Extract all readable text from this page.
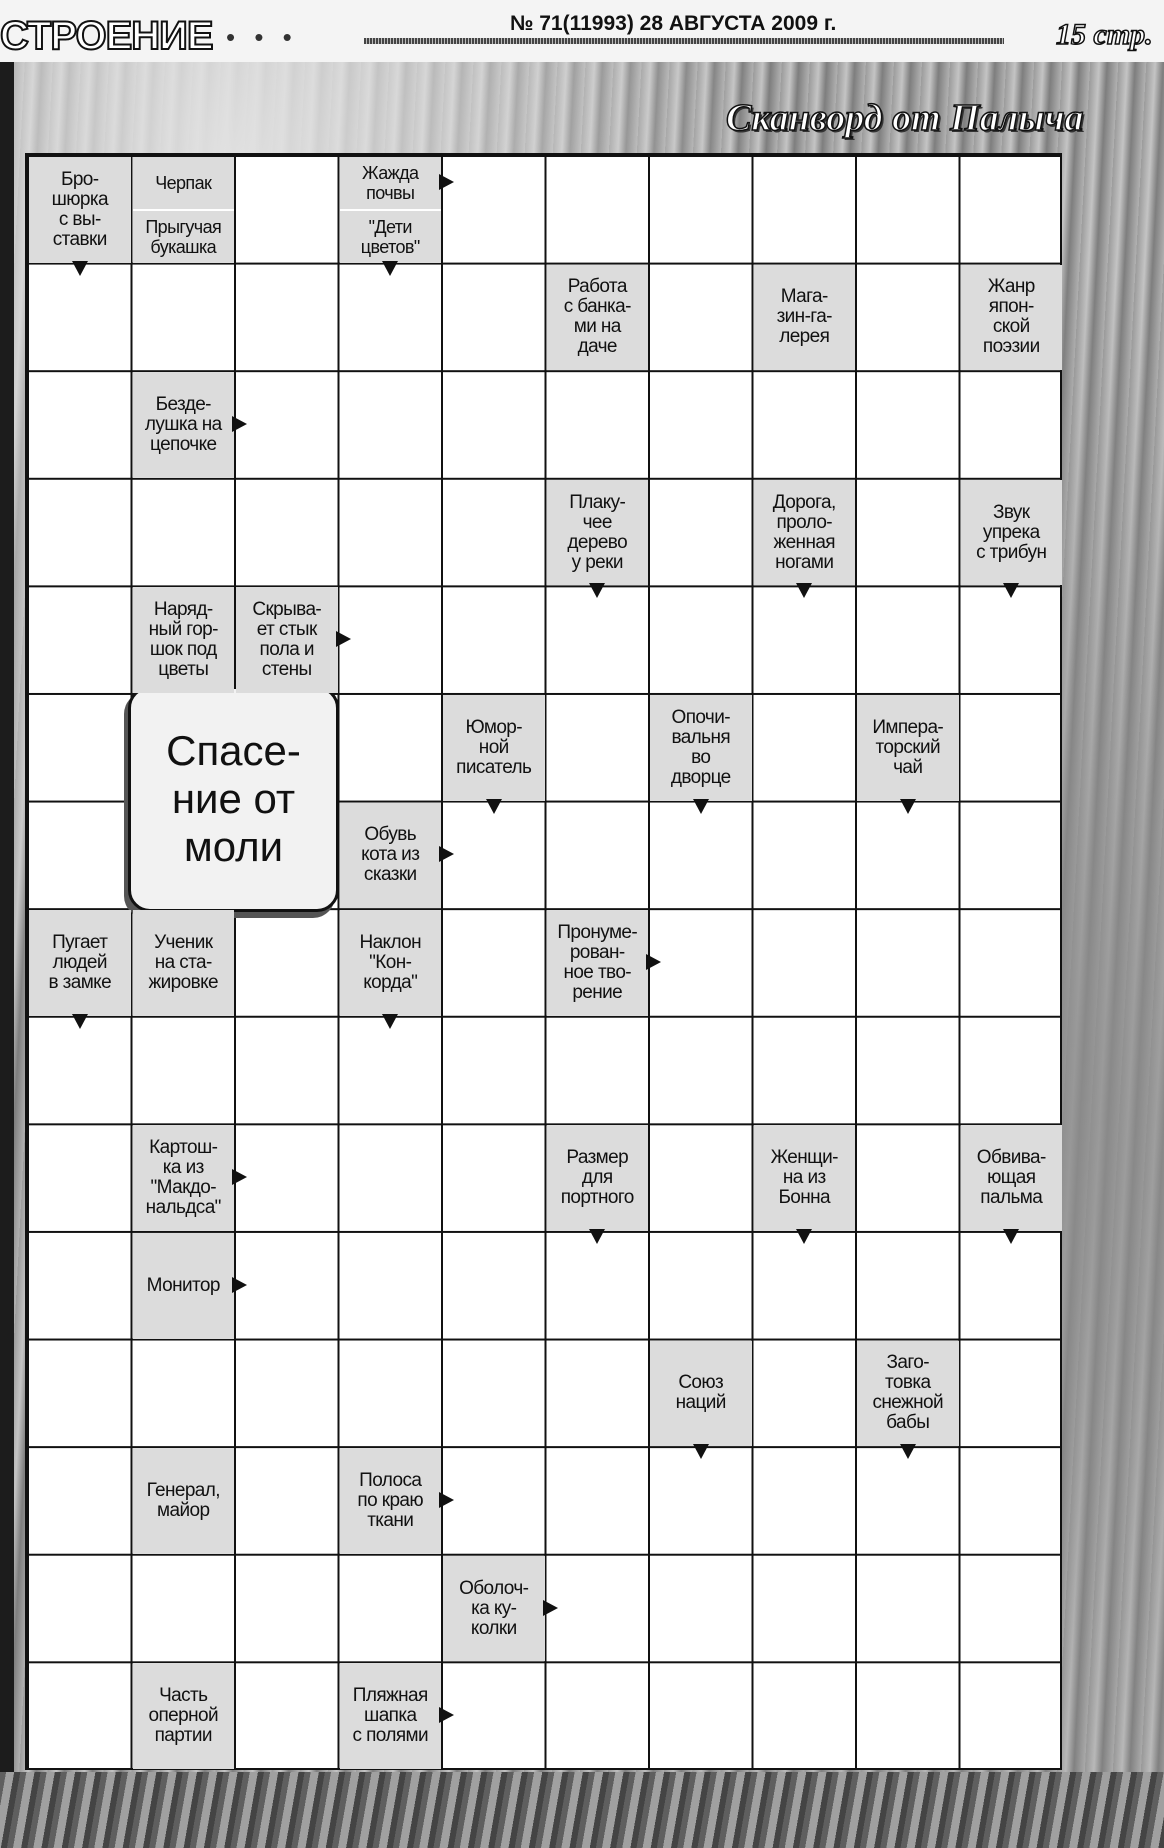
СТРОЕНИЕ • • •	№ 71(11993) 28 АВГУСТА 2009 г.	15 стр.
Сканворд от Палыча
Спасе-
ние от
моли
Бро-
шюрка
с вы-
ставки
Черпак
Прыгучая
букашка
Жажда
почвы
"Дети
цветов"
Работа
с банка-
ми на
даче
Мага-
зин-га-
лерея
Жанр
япон-
ской
поэзии
Безде-
лушка на
цепочке
Плаку-
чее
дерево
у реки
Дорога,
проло-
женная
ногами
Звук
упрека
с трибун
Наряд-
ный гор-
шок под
цветы
Скрыва-
ет стык
пола и
стены
Юмор-
ной
писатель
Опочи-
вальня
во
дворце
Импера-
торский
чай
Обувь
кота из
сказки
Пугает
людей
в замке
Ученик
на ста-
жировке
Наклон
"Кон-
корда"
Пронуме-
рован-
ное тво-
рение
Картош-
ка из
"Макдо-
нальдса"
Размер
для
портного
Женщи-
на из
Бонна
Обвива-
ющая
пальма
Монитор
Союз
наций
Заго-
товка
снежной
бабы
Генерал,
майор
Полоса
по краю
ткани
Оболоч-
ка ку-
колки
Часть
оперной
партии
Пляжная
шапка
с полями
